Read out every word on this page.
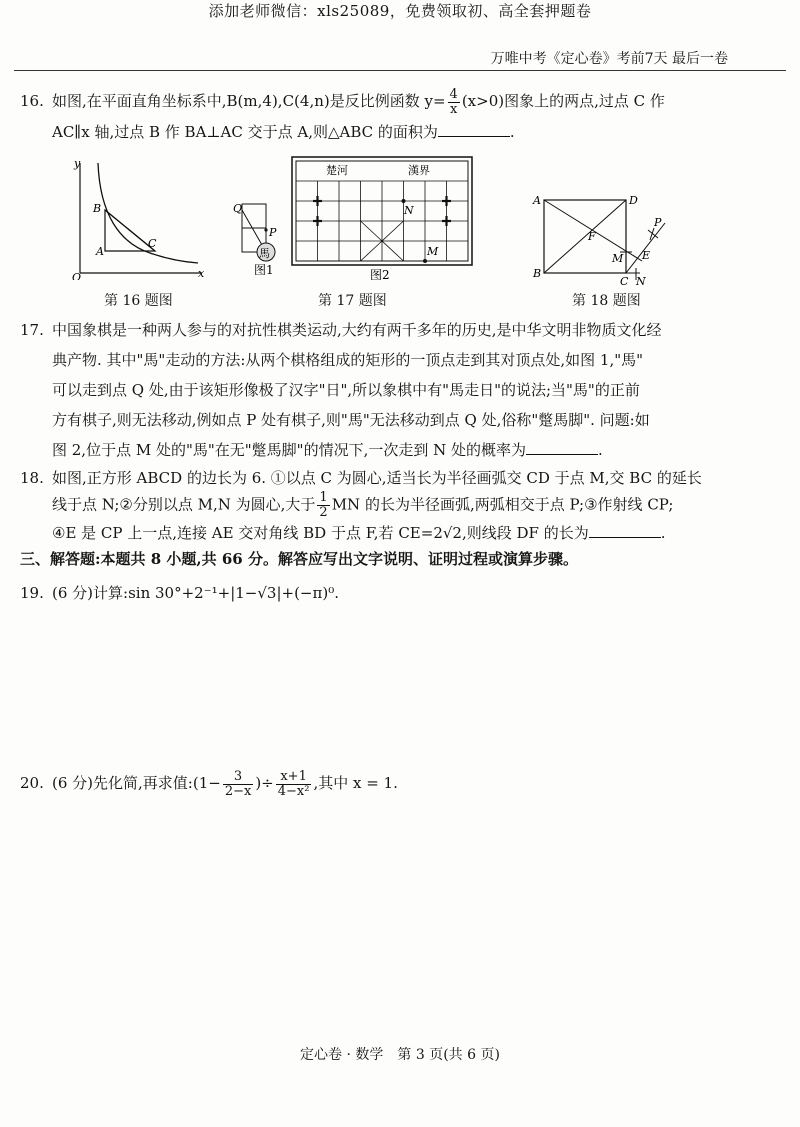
添加老师微信：xls25089，免费领取初、高全套押题卷
万唯中考《定心卷》考前7天 最后一卷
16. 如图,在平面直角坐标系中,B(m,4),C(4,n)是反比例函数 $y= \frac{4}{x} (x>0)$图象上的两点,过点 C 作
AC∥x 轴,过点 B 作 BA⊥AC 交于点 A,则△ABC 的面积为	.
y
x
O
B
A
C
馬
Q
P
图1
楚河	漢界
N
M
图2
A	D
B
F
M E
P
C N
第 16 题图	第 17 题图	第 18 题图
17. 中国象棋是一种两人参与的对抗性棋类运动,大约有两千多年的历史,是中华文明非物质文化经
典产物. 其中"馬"走动的方法:从两个棋格组成的矩形的一顶点走到其对顶点处,如图 1,"馬"
可以走到点 Q 处,由于该矩形像极了汉字"日",所以象棋中有"馬走日"的说法;当"馬"的正前
方有棋子,则无法移动,例如点 P 处有棋子,则"馬"无法移动到点 Q 处,俗称"蹩馬脚". 问题:如
图 2,位于点 M 处的"馬"在无"蹩馬脚"的情况下,一次走到 N 处的概率为	.
18. 如图,正方形 ABCD 的边长为 6. ①以点 C 为圆心,适当长为半径画弧交 CD 于点 M,交 BC 的延长
线于点 N;②分别以点 M,N 为圆心,大于 $\frac{1}{2}$ MN 的长为半径画弧,两弧相交于点 P;③作射线 CP;
④E 是 CP 上一点,连接 AE 交对角线 BD 于点 F,若 CE=2√2,则线段 DF 的长为	.
三、解答题:本题共 8 小题,共 66 分。解答应写出文字说明、证明过程或演算步骤。
19. (6 分)计算:sin 30°+2⁻¹+|1−√3|+(−π)⁰.
20. (6 分)先化简,再求值:(1− $\frac{3}{2-x}$ )÷ $\frac{x+1}{\text{4−x²}}$ ,其中 x = 1.
定心卷 · 数学　第 3 页(共 6 页)
